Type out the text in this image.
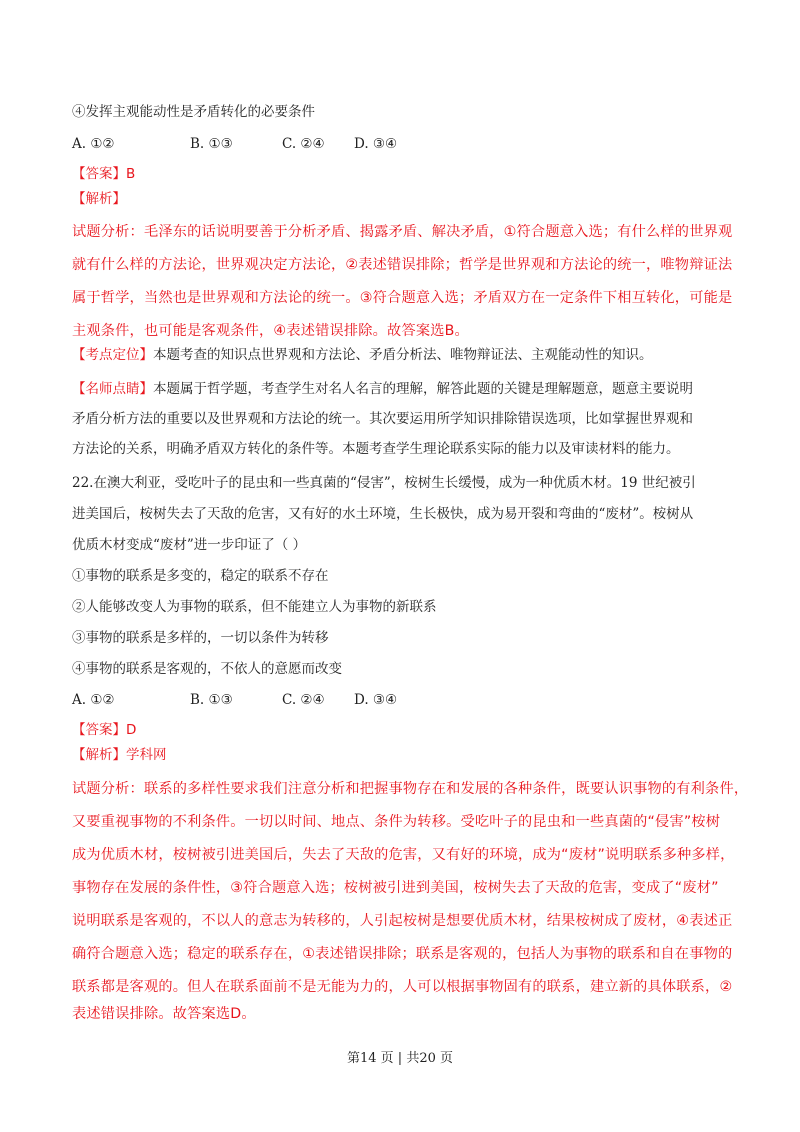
④发挥主观能动性是矛盾转化的必要条件
A. ①②	B. ①③	C. ②④ D. ③④
【答案】B
【解析】
试题分析：毛泽东的话说明要善于分析矛盾、揭露矛盾、解决矛盾，①符合题意入选；有什么样的世界观
就有什么样的方法论，世界观决定方法论，②表述错误排除；哲学是世界观和方法论的统一，唯物辩证法
属于哲学，当然也是世界观和方法论的统一。③符合题意入选；矛盾双方在一定条件下相互转化，可能是
主观条件，也可能是客观条件，④表述错误排除。故答案选B。
【考点定位】本题考查的知识点世界观和方法论、矛盾分析法、唯物辩证法、主观能动性的知识。
【名师点睛】本题属于哲学题，考查学生对名人名言的理解，解答此题的关键是理解题意，题意主要说明
矛盾分析方法的重要以及世界观和方法论的统一。其次要运用所学知识排除错误选项，比如掌握世界观和
方法论的关系，明确矛盾双方转化的条件等。本题考查学生理论联系实际的能力以及审读材料的能力。
22.在澳大利亚，受吃叶子的昆虫和一些真菌的“侵害”，桉树生长缓慢，成为一种优质木材。19 世纪被引
进美国后，桉树失去了天敌的危害，又有好的水土环境，生长极快，成为易开裂和弯曲的“废材”。桉树从
优质木材变成“废材”进一步印证了（ ）
①事物的联系是多变的，稳定的联系不存在
②人能够改变人为事物的联系，但不能建立人为事物的新联系
③事物的联系是多样的，一切以条件为转移
④事物的联系是客观的，不依人的意愿而改变
A. ①②	B. ①③	C. ②④ D. ③④
【答案】D
【解析】学科网
试题分析：联系的多样性要求我们注意分析和把握事物存在和发展的各种条件，既要认识事物的有利条件，
又要重视事物的不利条件。一切以时间、地点、条件为转移。受吃叶子的昆虫和一些真菌的“侵害”桉树
成为优质木材，桉树被引进美国后，失去了天敌的危害，又有好的环境，成为“废材”说明联系多种多样，
事物存在发展的条件性，③符合题意入选；桉树被引进到美国，桉树失去了天敌的危害，变成了“废材”
说明联系是客观的，不以人的意志为转移的，人引起桉树是想要优质木材，结果桉树成了废材，④表述正
确符合题意入选；稳定的联系存在，①表述错误排除；联系是客观的，包括人为事物的联系和自在事物的
联系都是客观的。但人在联系面前不是无能为力的，人可以根据事物固有的联系，建立新的具体联系，②
表述错误排除。故答案选D。
第14 页 | 共20 页
